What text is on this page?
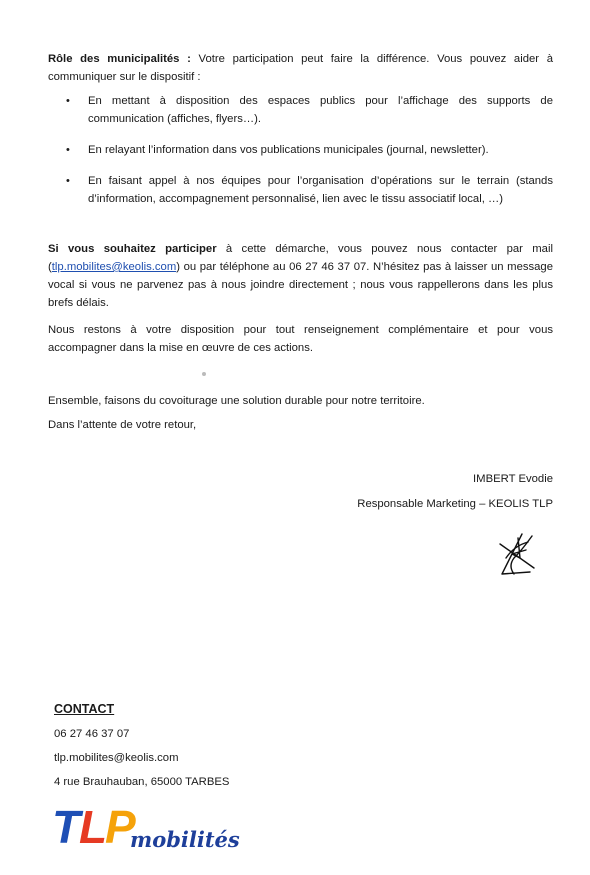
Rôle des municipalités : Votre participation peut faire la différence. Vous pouvez aider à communiquer sur le dispositif :
• En mettant à disposition des espaces publics pour l’affichage des supports de communication (affiches, flyers…).
• En relayant l’information dans vos publications municipales (journal, newsletter).
• En faisant appel à nos équipes pour l’organisation d’opérations sur le terrain (stands d’information, accompagnement personnalisé, lien avec le tissu associatif local, …)
Si vous souhaitez participer à cette démarche, vous pouvez nous contacter par mail (tlp.mobilites@keolis.com) ou par téléphone au 06 27 46 37 07. N’hésitez pas à laisser un message vocal si vous ne parvenez pas à nous joindre directement ; nous vous rappellerons dans les plus brefs délais.
Nous restons à votre disposition pour tout renseignement complémentaire et pour vous accompagner dans la mise en œuvre de ces actions.
Ensemble, faisons du covoiturage une solution durable pour notre territoire.
Dans l’attente de votre retour,
IMBERT Evodie
Responsable Marketing – KEOLIS TLP
CONTACT
06 27 46 37 07
tlp.mobilites@keolis.com
4 rue Brauhauban, 65000 TARBES
T
L
P
mobilités
